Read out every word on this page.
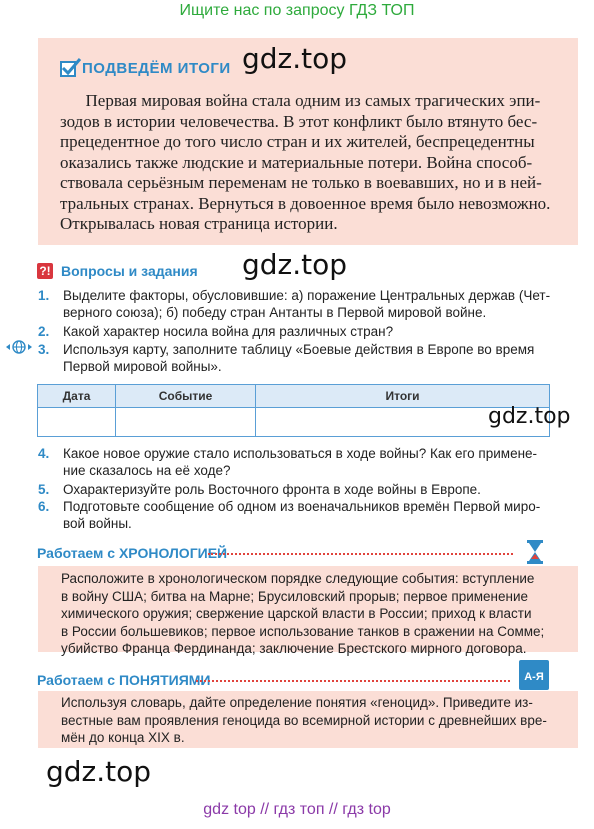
Ищите нас по запросу ГДЗ ТОП
ПОДВЕДЁМ ИТОГИ gdz.top
Первая мировая война стала одним из самых трагических эпи-
зодов в истории человечества. В этот конфликт было втянуто бес-
прецедентное до того число стран и их жителей, беспрецедентны
оказались также людские и материальные потери. Война способ-
ствовала серьёзным переменам не только в воевавших, но и в ней-
тральных странах. Вернуться в довоенное время было невозможно.
Открывалась новая страница истории.
?! Вопросы и задания gdz.top
1. Выделите факторы, обусловившие: а) поражение Центральных держав (Чет-
верного союза); б) победу стран Антанты в Первой мировой войне.
2. Какой характер носила война для различных стран?
3. Используя карту, заполните таблицу «Боевые действия в Европе во время
Первой мировой войны».
Дата	Событие	Итоги

gdz.top
4. Какое новое оружие стало использоваться в ходе войны? Как его примене-
ние сказалось на её ходе?
5. Охарактеризуйте роль Восточного фронта в ходе войны в Европе.
6. Подготовьте сообщение об одном из военачальников времён Первой миро-
вой войны.
Работаем с ХРОНОЛОГИЕЙ
Расположите в хронологическом порядке следующие события: вступление
в войну США; битва на Марне; Брусиловский прорыв; первое применение
химического оружия; свержение царской власти в России; приход к власти
в России большевиков; первое использование танков в сражении на Сомме;
убийство Франца Фердинанда; заключение Брестского мирного договора.
Работаем с ПОНЯТИЯМИ	А-Я
Используя словарь, дайте определение понятия «геноцид». Приведите из-
вестные вам проявления геноцида во всемирной истории с древнейших вре-
мён до конца XIX в.
gdz.top
gdz top // гдз топ // гдз top
